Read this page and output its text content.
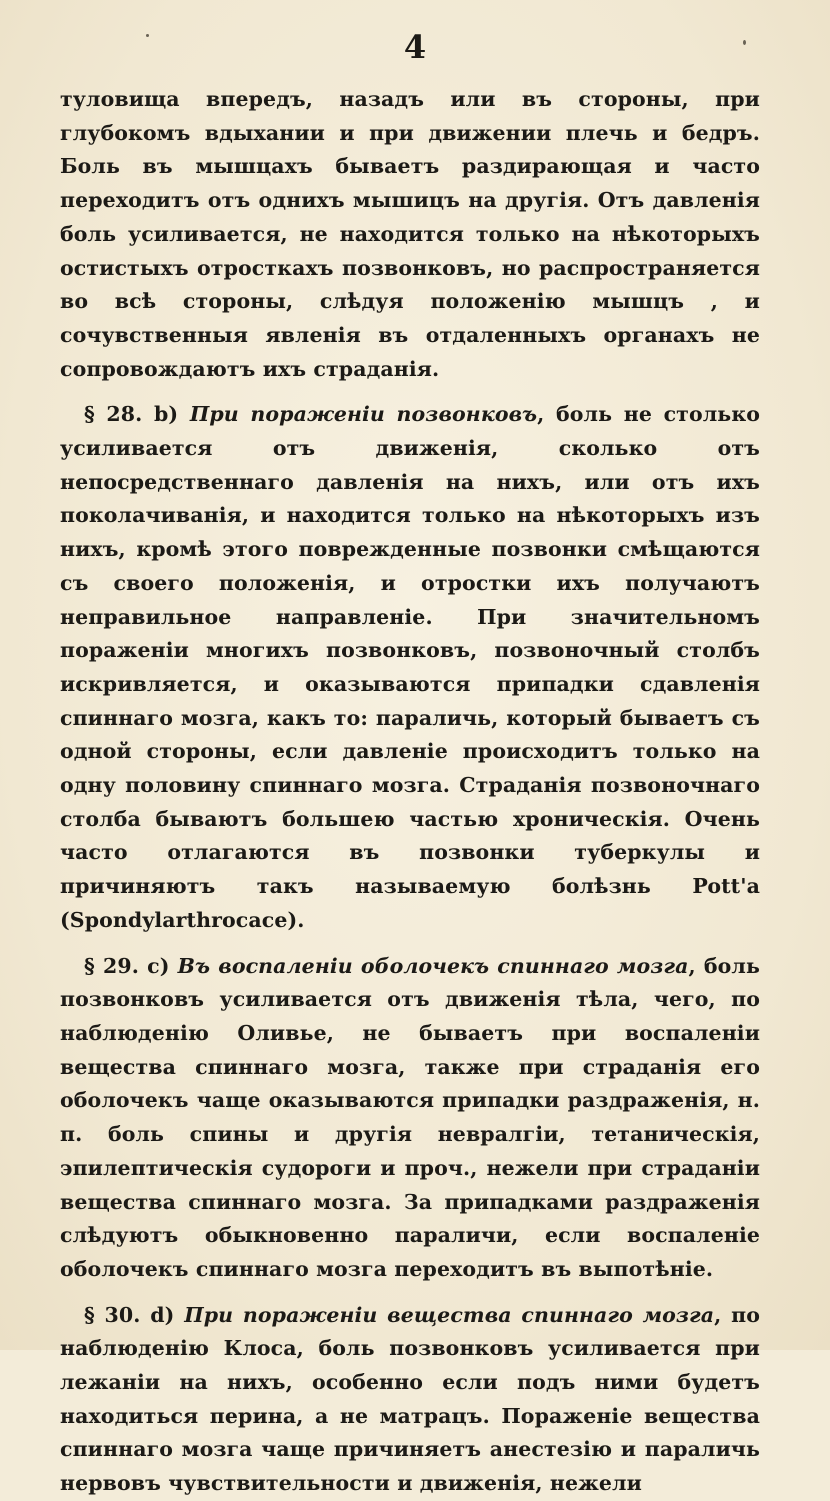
4

туловища впередъ, назадъ или въ стороны, при глубокомъ вдыхании и при движении плечь и бедръ. Боль въ мышцахъ бываетъ раздирающая и часто переходитъ отъ однихъ мышицъ на другія. Отъ давленія боль усиливается, не находится только на нѣкоторыхъ остистыхъ отросткахъ позвонковъ, но распространяется во всѣ стороны, слѣдуя положенію мышцъ , и сочувственныя явленія въ отдаленныхъ органахъ не сопровождаютъ ихъ страданія.

§ 28. b) При пораженіи позвонковъ, боль не столько усиливается отъ движенія, сколько отъ непосредственнаго давленія на нихъ, или отъ ихъ поколачиванія, и находится только на нѣкоторыхъ изъ нихъ, кромѣ этого поврежденные позвонки смѣщаются съ своего положенія, и отростки ихъ получаютъ неправильное направленіе. При значительномъ пораженіи многихъ позвонковъ, позвоночный столбъ искривляется, и оказываются припадки сдавленія спиннаго мозга, какъ то: параличь, который бываетъ съ одной стороны, если давленіе происходитъ только на одну половину спиннаго мозга. Страданія позвоночнаго столба бываютъ большею частью хроническія. Очень часто отлагаются въ позвонки туберкулы и причиняютъ такъ называемую болѣзнь Pott'а (Spondylarthrocace).

§ 29. c) Въ воспаленіи оболочекъ спиннаго мозга, боль позвонковъ усиливается отъ движенія тѣла, чего, по наблюденію Оливье, не бываетъ при воспаленіи вещества спиннаго мозга, также при страданія его оболочекъ чаще оказываются припадки раздраженія, н. п. боль спины и другія невралгіи, тетаническія, эпилептическія судороги и проч., нежели при страданіи вещества спиннаго мозга. За припадками раздраженія слѣдуютъ обыкновенно параличи, если воспаленіе оболочекъ спиннаго мозга переходитъ въ выпотѣніе.

§ 30. d) При пораженіи вещества спиннаго мозга, по наблюденію Клоса, боль позвонковъ усиливается при лежаніи на нихъ, особенно если подъ ними будетъ находиться перина, а не матрацъ. Пораженіе вещества спиннаго мозга чаще причиняетъ анестезію и параличь нервовъ чувствительности и движенія, нежели
